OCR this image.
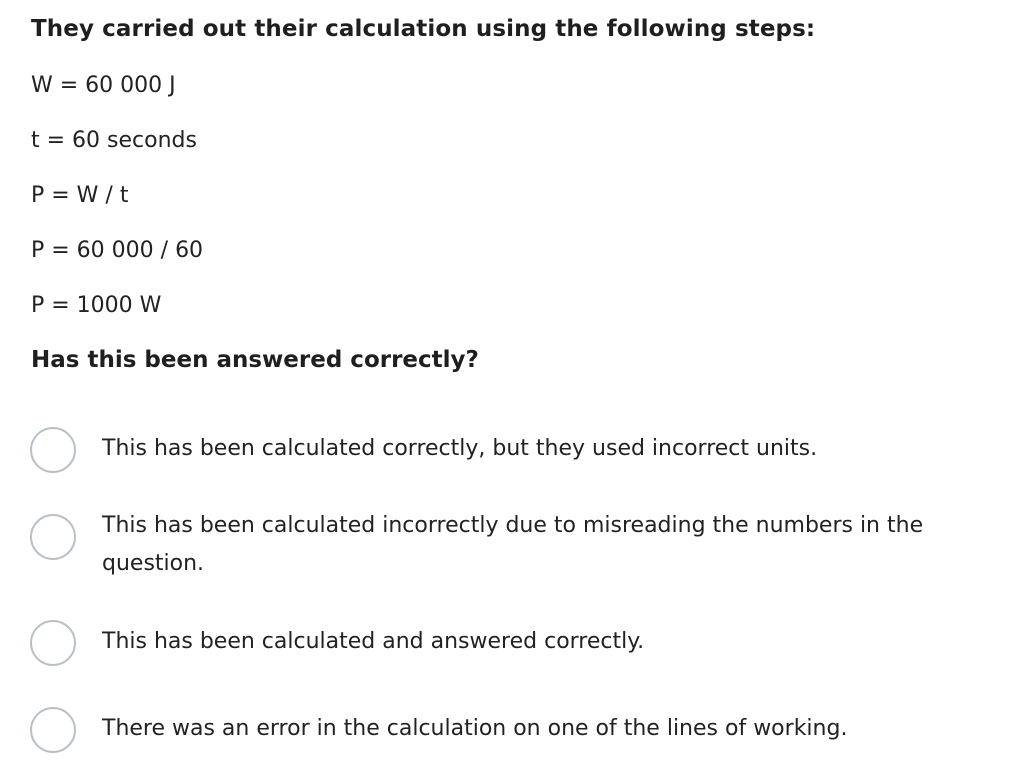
They carried out their calculation using the following steps:
W = 60 000 J
t = 60 seconds
P = W / t
P = 60 000 / 60
P = 1000 W
Has this been answered correctly?
This has been calculated correctly, but they used incorrect units.
This has been calculated incorrectly due to misreading the numbers in the question.
This has been calculated and answered correctly.
There was an error in the calculation on one of the lines of working.
